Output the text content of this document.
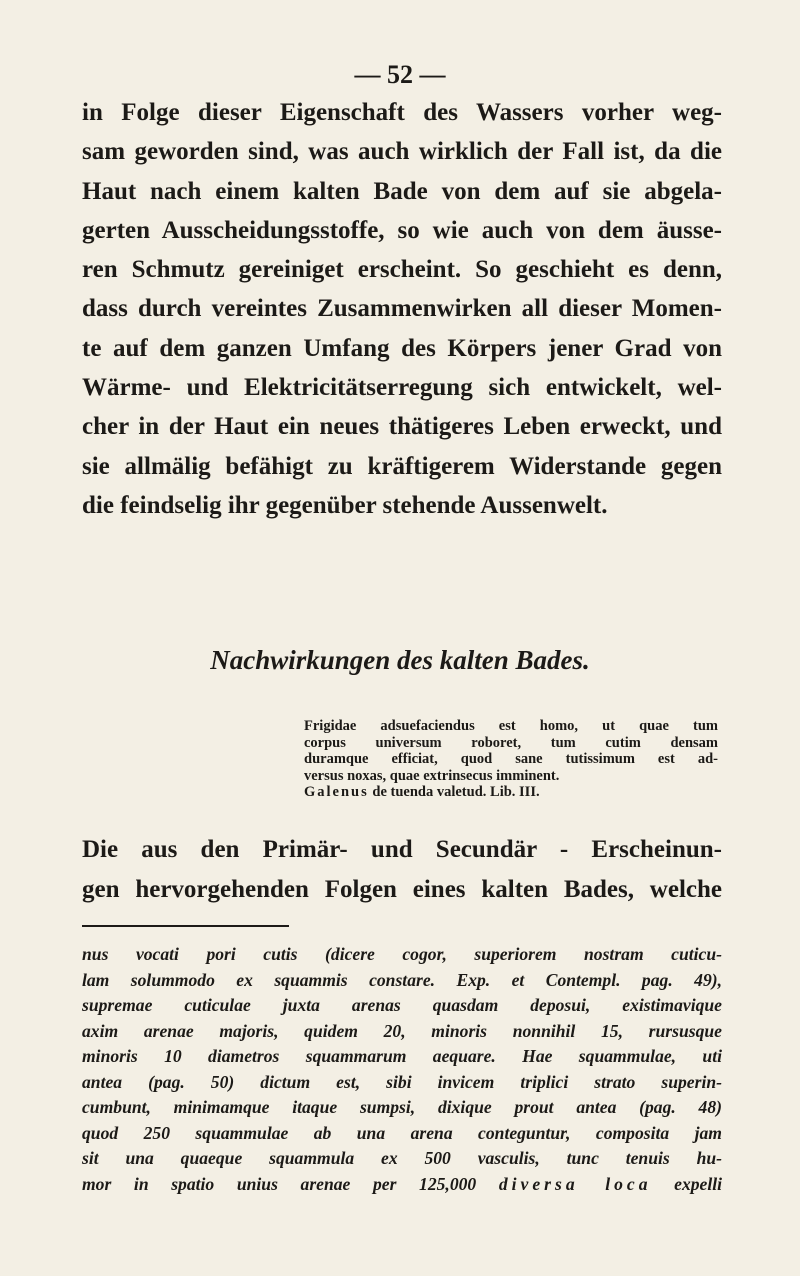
— 52 —
in Folge dieser Eigenschaft des Wassers vorher weg-
sam geworden sind, was auch wirklich der Fall ist, da die
Haut nach einem kalten Bade von dem auf sie abgela-
gerten Ausscheidungsstoffe, so wie auch von dem äusse-
ren Schmutz gereiniget erscheint. So geschieht es denn,
dass durch vereintes Zusammenwirken all dieser Momen-
te auf dem ganzen Umfang des Körpers jener Grad von
Wärme- und Elektricitätserregung sich entwickelt, wel-
cher in der Haut ein neues thätigeres Leben erweckt, und
sie allmälig befähigt zu kräftigerem Widerstande gegen
die feindselig ihr gegenüber stehende Aussenwelt.
Nachwirkungen des kalten Bades.
Frigidae adsuefaciendus est homo, ut quae tum
corpus universum roboret, tum cutim densam
duramque efficiat, quod sane tutissimum est ad-
versus noxas, quae extrinsecus imminent.
Galenus de tuenda valetud. Lib. III.
Die aus den Primär- und Secundär - Erscheinun-
gen hervorgehenden Folgen eines kalten Bades, welche
nus vocati pori cutis (dicere cogor, superiorem nostram cuticu-
lam solummodo ex squammis constare. Exp. et Contempl. pag. 49),
supremae cuticulae juxta arenas quasdam deposui, existimavique
axim arenae majoris, quidem 20, minoris nonnihil 15, rursusque
minoris 10 diametros squammarum aequare. Hae squammulae, uti
antea (pag. 50) dictum est, sibi invicem triplici strato superin-
cumbunt, minimamque itaque sumpsi, dixique prout antea (pag. 48)
quod 250 squammulae ab una arena conteguntur, composita jam
sit una quaeque squammula ex 500 vasculis, tunc tenuis hu-
mor in spatio unius arenae per 125,000 diversa loca expelli
